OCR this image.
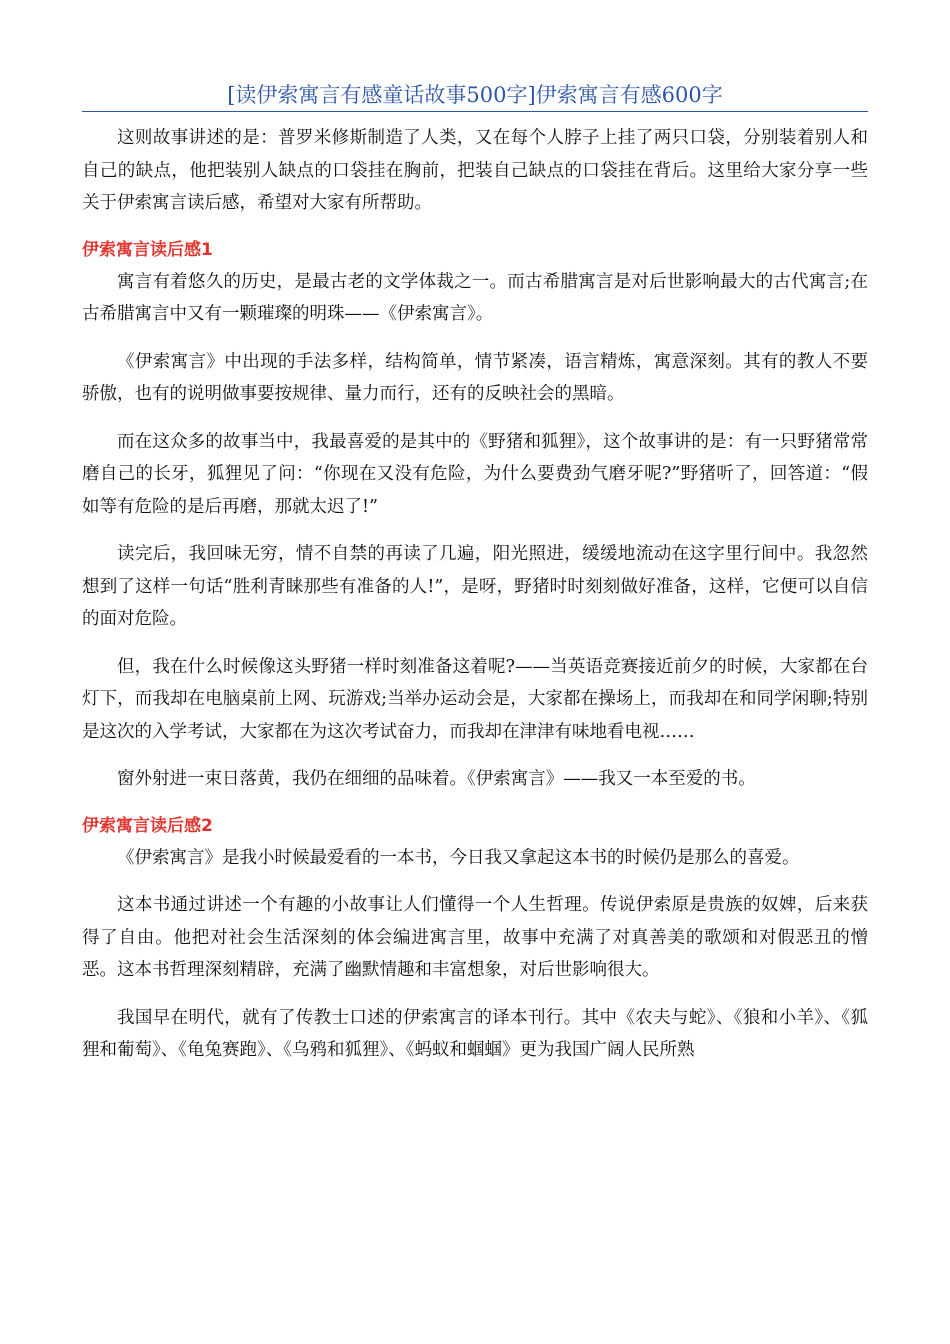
[读伊索寓言有感童话故事500字]伊索寓言有感600字

这则故事讲述的是：普罗米修斯制造了人类，又在每个人脖子上挂了两只口袋，分别装着别人和自己的缺点，他把装别人缺点的口袋挂在胸前，把装自己缺点的口袋挂在背后。这里给大家分享一些关于伊索寓言读后感，希望对大家有所帮助。

伊索寓言读后感1

寓言有着悠久的历史，是最古老的文学体裁之一。而古希腊寓言是对后世影响最大的古代寓言;在古希腊寓言中又有一颗璀璨的明珠——《伊索寓言》。

《伊索寓言》中出现的手法多样，结构简单，情节紧凑，语言精炼，寓意深刻。其有的教人不要骄傲，也有的说明做事要按规律、量力而行，还有的反映社会的黑暗。

而在这众多的故事当中，我最喜爱的是其中的《野猪和狐狸》，这个故事讲的是：有一只野猪常常磨自己的长牙，狐狸见了问：“你现在又没有危险，为什么要费劲气磨牙呢?”野猪听了，回答道：“假如等有危险的是后再磨，那就太迟了!”

读完后，我回味无穷，情不自禁的再读了几遍，阳光照进，缓缓地流动在这字里行间中。我忽然想到了这样一句话“胜利青睐那些有准备的人!”，是呀，野猪时时刻刻做好准备，这样，它便可以自信的面对危险。

但，我在什么时候像这头野猪一样时刻准备这着呢?——当英语竞赛接近前夕的时候，大家都在台灯下，而我却在电脑桌前上网、玩游戏;当举办运动会是，大家都在操场上，而我却在和同学闲聊;特别是这次的入学考试，大家都在为这次考试奋力，而我却在津津有味地看电视……

窗外射进一束日落黄，我仍在细细的品味着。《伊索寓言》——我又一本至爱的书。

伊索寓言读后感2

《伊索寓言》是我小时候最爱看的一本书，今日我又拿起这本书的时候仍是那么的喜爱。

这本书通过讲述一个有趣的小故事让人们懂得一个人生哲理。传说伊索原是贵族的奴婢，后来获得了自由。他把对社会生活深刻的体会编进寓言里，故事中充满了对真善美的歌颂和对假恶丑的憎恶。这本书哲理深刻精辟，充满了幽默情趣和丰富想象，对后世影响很大。

我国早在明代，就有了传教士口述的伊索寓言的译本刊行。其中《农夫与蛇》、《狼和小羊》、《狐狸和葡萄》、《龟兔赛跑》、《乌鸦和狐狸》、《蚂蚁和蝈蝈》更为我国广阔人民所熟
